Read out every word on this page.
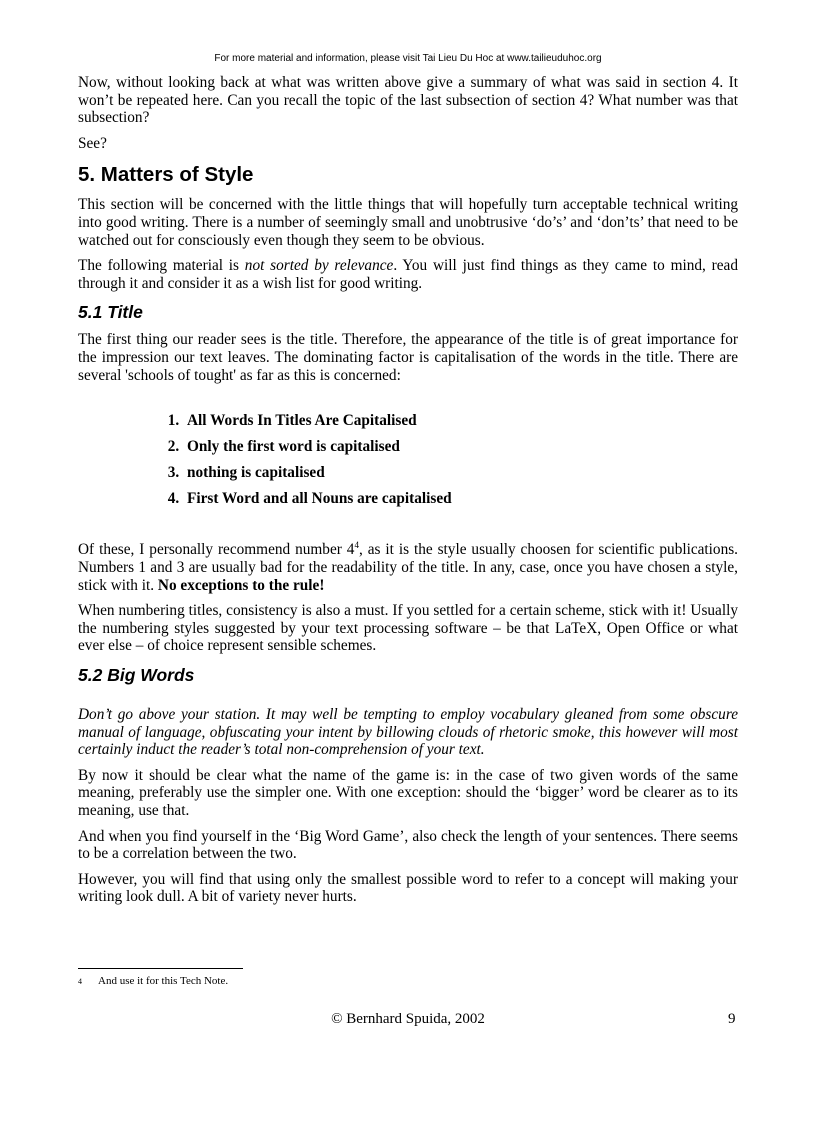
For more material and information, please visit Tai Lieu Du Hoc at www.tailieuduhoc.org

Now, without looking back at what was written above give a summary of what was said in section 4. It won’t be repeated here. Can you recall the topic of the last subsection of section 4? What number was that subsection?

See?

5. Matters of Style

This section will be concerned with the little things that will hopefully turn acceptable technical writing into good writing. There is a number of seemingly small and unobtrusive ‘do’s’ and ‘don’ts’ that need to be watched out for consciously even though they seem to be obvious.

The following material is not sorted by relevance. You will just find things as they came to mind, read through it and consider it as a wish list for good writing.

5.1 Title

The first thing our reader sees is the title. Therefore, the appearance of the title is of great importance for the impression our text leaves. The dominating factor is capitalisation of the words in the title. There are several 'schools of tought' as far as this is concerned:

1. All Words In Titles Are Capitalised
2. Only the first word is capitalised
3. nothing is capitalised
4. First Word and all Nouns are capitalised

Of these, I personally recommend number $4^4$, as it is the style usually choosen for scientific publications. Numbers 1 and 3 are usually bad for the readability of the title. In any, case, once you have chosen a style, stick with it. No exceptions to the rule!

When numbering titles, consistency is also a must. If you settled for a certain scheme, stick with it! Usually the numbering styles suggested by your text processing software – be that LaTeX, Open Office or what ever else – of choice represent sensible schemes.

5.2 Big Words

Don’t go above your station. It may well be tempting to employ vocabulary gleaned from some obscure manual of language, obfuscating your intent by billowing clouds of rhetoric smoke, this however will most certainly induct the reader’s total non-comprehension of your text.

By now it should be clear what the name of the game is: in the case of two given words of the same meaning, preferably use the simpler one. With one exception: should the ‘bigger’ word be clearer as to its meaning, use that.

And when you find yourself in the ‘Big Word Game’, also check the length of your sentences. There seems to be a correlation between the two.

However, you will find that using only the smallest possible word to refer to a concept will making your writing look dull. A bit of variety never hurts.

4 And use it for this Tech Note.
© Bernhard Spuida, 2002	9
